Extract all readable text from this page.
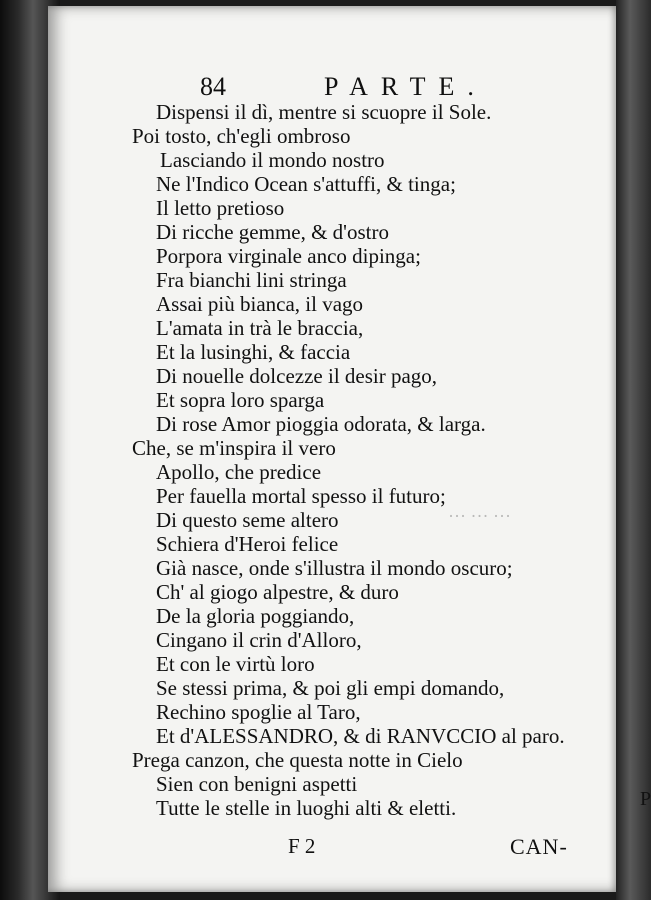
P
··· ··· ···
84	PARTE.
Dispensi il dì, mentre si scuopre il Sole.
Poi tosto, ch'egli ombroso
Lasciando il mondo nostro
Ne l'Indico Ocean s'attuffi, & tinga;
Il letto pretioso
Di ricche gemme, & d'ostro
Porpora virginale anco dipinga;
Fra bianchi lini stringa
Assai più bianca, il vago
L'amata in trà le braccia,
Et la lusinghi, & faccia
Di nouelle dolcezze il desir pago,
Et sopra loro sparga
Di rose Amor pioggia odorata, & larga.
Che, se m'inspira il vero
Apollo, che predice
Per fauella mortal spesso il futuro;
Di questo seme altero
Schiera d'Heroi felice
Già nasce, onde s'illustra il mondo oscuro;
Ch' al giogo alpestre, & duro
De la gloria poggiando,
Cingano il crin d'Alloro,
Et con le virtù loro
Se stessi prima, & poi gli empi domando,
Rechino spoglie al Taro,
Et d'ALESSANDRO, & di RANVCCIO al paro.
Prega canzon, che questa notte in Cielo
Sien con benigni aspetti
Tutte le stelle in luoghi alti & eletti.
F 2	CAN-
